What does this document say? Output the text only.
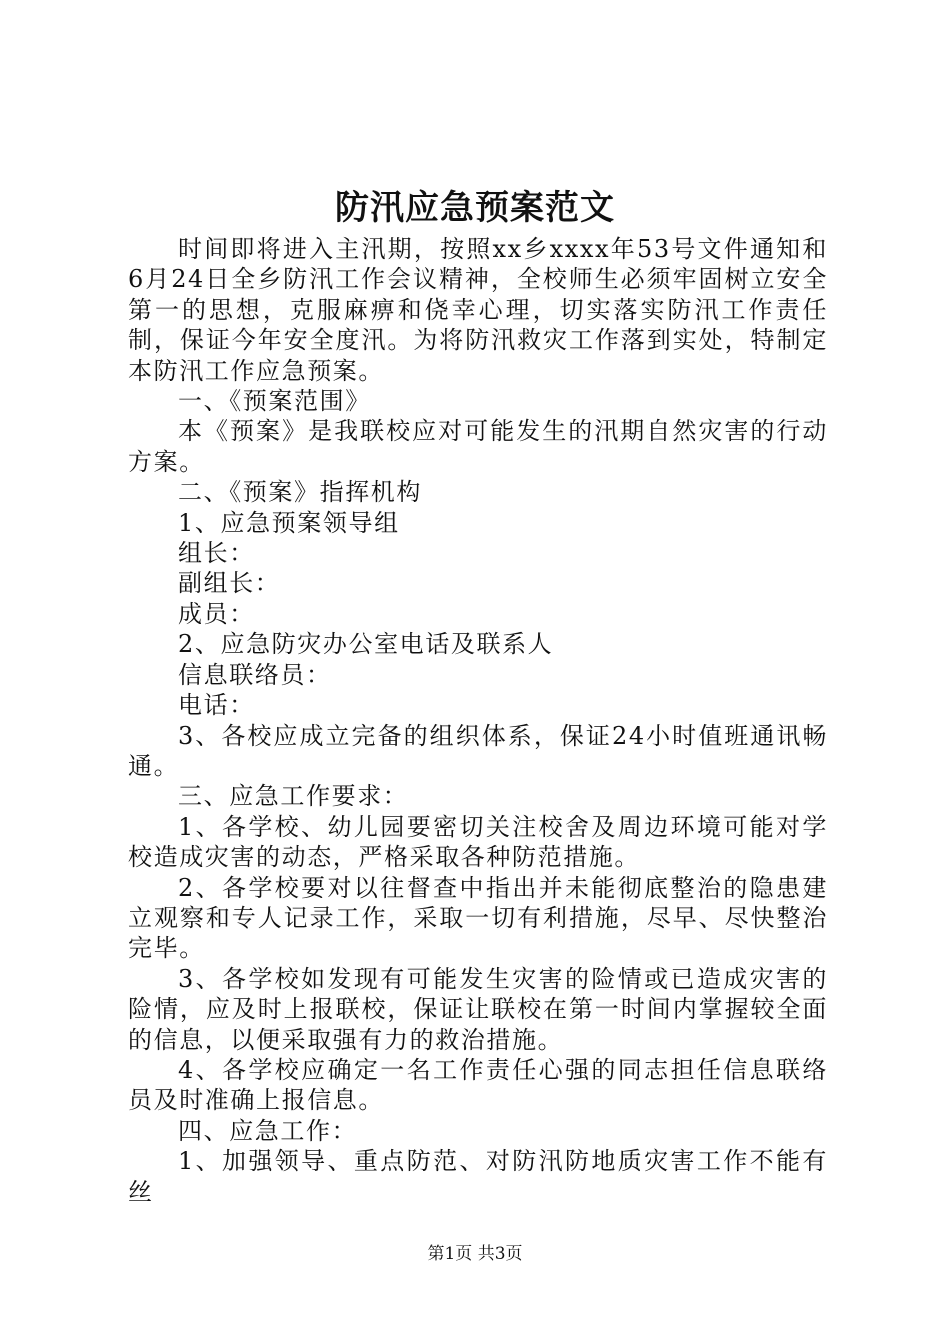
防汛应急预案范文

时间即将进入主汛期，按照xx乡xxxx年53号文件通知和6月24日全乡防汛工作会议精神，全校师生必须牢固树立安全第一的思想，克服麻痹和侥幸心理，切实落实防汛工作责任制，保证今年安全度汛。为将防汛救灾工作落到实处，特制定本防汛工作应急预案。

一、《预案范围》

本《预案》是我联校应对可能发生的汛期自然灾害的行动方案。

二、《预案》指挥机构

1、应急预案领导组

组长：

副组长：

成员：

2、应急防灾办公室电话及联系人

信息联络员：

电话：

3、各校应成立完备的组织体系，保证24小时值班通讯畅通。

三、应急工作要求：

1、各学校、幼儿园要密切关注校舍及周边环境可能对学校造成灾害的动态，严格采取各种防范措施。

2、各学校要对以往督查中指出并未能彻底整治的隐患建立观察和专人记录工作，采取一切有利措施，尽早、尽快整治完毕。

3、各学校如发现有可能发生灾害的险情或已造成灾害的险情，应及时上报联校，保证让联校在第一时间内掌握较全面的信息，以便采取强有力的救治措施。

4、各学校应确定一名工作责任心强的同志担任信息联络员及时准确上报信息。

四、应急工作：

1、加强领导、重点防范、对防汛防地质灾害工作不能有丝

第1页 共3页
